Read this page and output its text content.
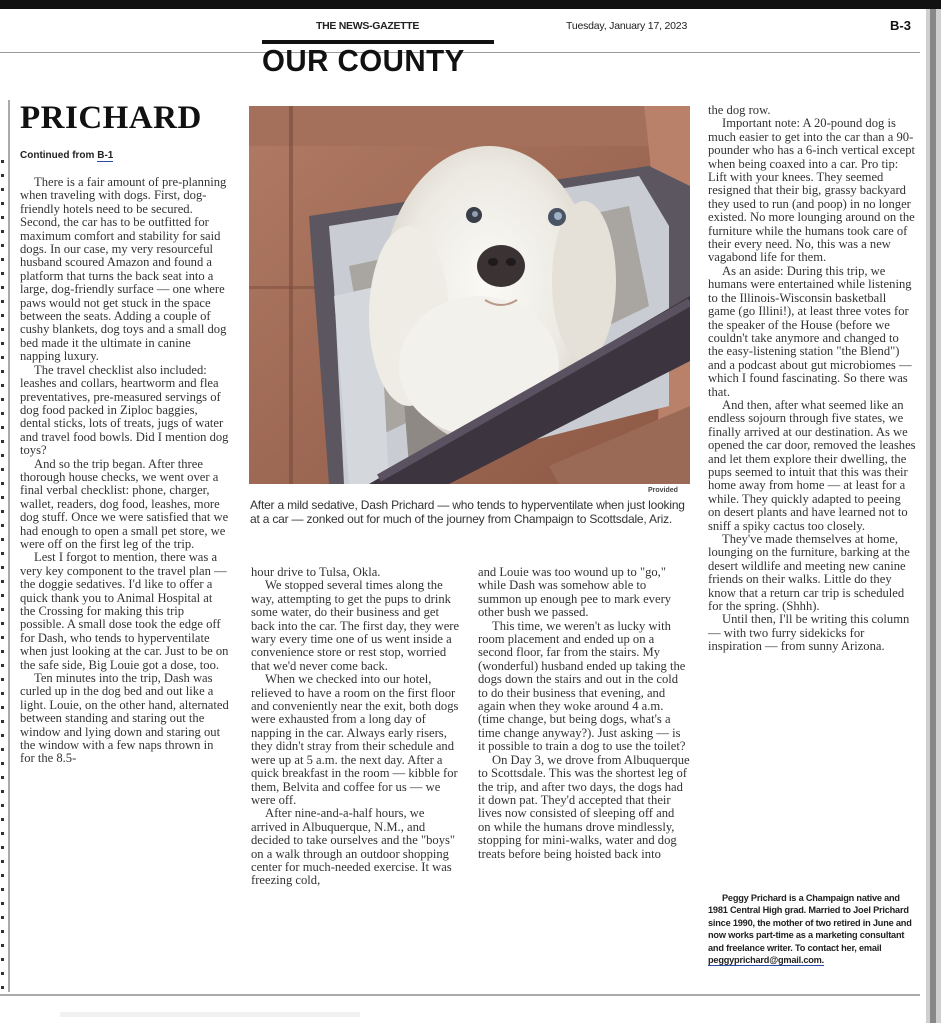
THE NEWS-GAZETTE	Tuesday, January 17, 2023	B-3
OUR COUNTY
PRICHARD
Continued from B-1
Provided
After a mild sedative, Dash Prichard — who tends to hyperventilate when just looking at a car — zonked out for much of the journey from Champaign to Scottsdale, Ariz.

There is a fair amount of pre-planning when traveling with dogs. First, dog-friendly hotels need to be secured. Second, the car has to be outfitted for maximum comfort and stability for said dogs. In our case, my very resourceful husband scoured Amazon and found a platform that turns the back seat into a large, dog-friendly surface — one where paws would not get stuck in the space between the seats. Adding a couple of cushy blankets, dog toys and a small dog bed made it the ultimate in canine napping luxury.

The travel checklist also included: leashes and collars, heartworm and flea preventatives, pre-measured servings of dog food packed in Ziploc baggies, dental sticks, lots of treats, jugs of water and travel food bowls. Did I mention dog toys?

And so the trip began. After three thorough house checks, we went over a final verbal checklist: phone, charger, wallet, readers, dog food, leashes, more dog stuff. Once we were satisfied that we had enough to open a small pet store, we were off on the first leg of the trip.

Lest I forgot to mention, there was a very key component to the travel plan — the doggie sedatives. I'd like to offer a quick thank you to Animal Hospital at the Crossing for making this trip possible. A small dose took the edge off for Dash, who tends to hyperventilate when just looking at the car. Just to be on the safe side, Big Louie got a dose, too.

Ten minutes into the trip, Dash was curled up in the dog bed and out like a light. Louie, on the other hand, alternated between standing and staring out the window and lying down and staring out the window with a few naps thrown in for the 8.5-

hour drive to Tulsa, Okla.

We stopped several times along the way, attempting to get the pups to drink some water, do their business and get back into the car. The first day, they were wary every time one of us went inside a convenience store or rest stop, worried that we'd never come back.

When we checked into our hotel, relieved to have a room on the first floor and conveniently near the exit, both dogs were exhausted from a long day of napping in the car. Always early risers, they didn't stray from their schedule and were up at 5 a.m. the next day. After a quick breakfast in the room — kibble for them, Belvita and coffee for us — we were off.

After nine-and-a-half hours, we arrived in Albuquerque, N.M., and decided to take ourselves and the "boys" on a walk through an outdoor shopping center for much-needed exercise. It was freezing cold,

and Louie was too wound up to "go," while Dash was somehow able to summon up enough pee to mark every other bush we passed.

This time, we weren't as lucky with room placement and ended up on a second floor, far from the stairs. My (wonderful) husband ended up taking the dogs down the stairs and out in the cold to do their business that evening, and again when they woke around 4 a.m. (time change, but being dogs, what's a time change anyway?). Just asking — is it possible to train a dog to use the toilet?

On Day 3, we drove from Albuquerque to Scottsdale. This was the shortest leg of the trip, and after two days, the dogs had it down pat. They'd accepted that their lives now consisted of sleeping off and on while the humans drove mindlessly, stopping for mini-walks, water and dog treats before being hoisted back into

the dog row.

Important note: A 20-pound dog is much easier to get into the car than a 90-pounder who has a 6-inch vertical except when being coaxed into a car. Pro tip: Lift with your knees. They seemed resigned that their big, grassy backyard they used to run (and poop) in no longer existed. No more lounging around on the furniture while the humans took care of their every need. No, this was a new vagabond life for them.

As an aside: During this trip, we humans were entertained while listening to the Illinois-Wisconsin basketball game (go Illini!), at least three votes for the speaker of the House (before we couldn't take anymore and changed to the easy-listening station "the Blend") and a podcast about gut microbiomes — which I found fascinating. So there was that.

And then, after what seemed like an endless sojourn through five states, we finally arrived at our destination. As we opened the car door, removed the leashes and let them explore their dwelling, the pups seemed to intuit that this was their home away from home — at least for a while. They quickly adapted to peeing on desert plants and have learned not to sniff a spiky cactus too closely.

They've made themselves at home, lounging on the furniture, barking at the desert wildlife and meeting new canine friends on their walks. Little do they know that a return car trip is scheduled for the spring. (Shhh).

Until then, I'll be writing this column — with two furry sidekicks for inspiration — from sunny Arizona.

Peggy Prichard is a Champaign native and 1981 Central High grad. Married to Joel Prichard since 1990, the mother of two retired in June and now works part-time as a marketing consultant and freelance writer. To contact her, email peggyprichard@gmail.com.
